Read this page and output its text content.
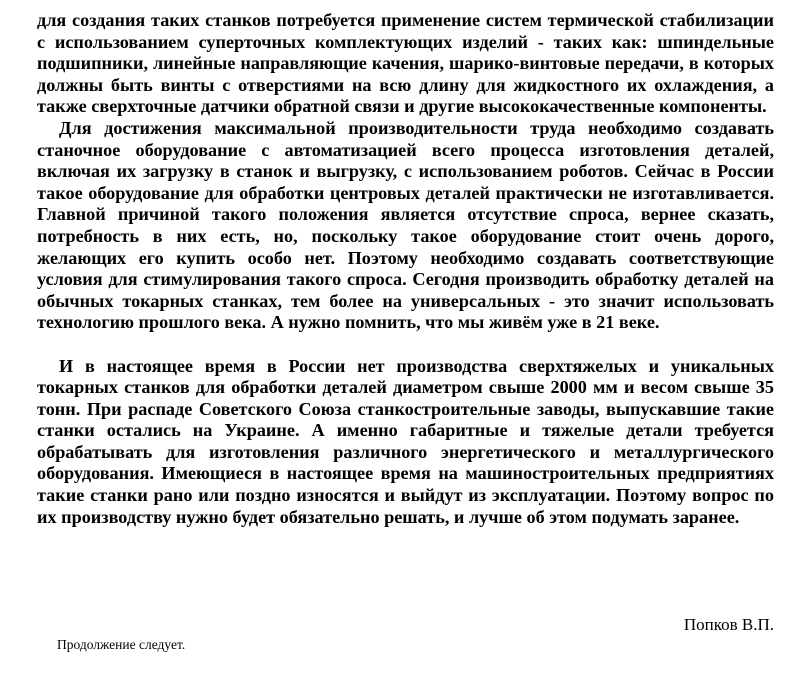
для создания таких станков потребуется применение систем термической стабилизации с использованием суперточных комплектующих изделий - таких как: шпиндельные подшипники, линейные направляющие качения, шарико-винтовые передачи, в которых должны быть винты с отверстиями на всю длину для жидкостного их охлаждения, а также сверхточные датчики обратной связи и другие высококачественные компоненты.

Для достижения максимальной производительности труда необходимо создавать станочное оборудование с автоматизацией всего процесса изготовления деталей, включая их загрузку в станок и выгрузку, с использованием роботов. Сейчас в России такое оборудование для обработки центровых деталей практически не изготавливается. Главной причиной такого положения является отсутствие спроса, вернее сказать, потребность в них есть, но, поскольку такое оборудование стоит очень дорого, желающих его купить особо нет. Поэтому необходимо создавать соответствующие условия для стимулирования такого спроса. Сегодня производить обработку деталей на обычных токарных станках, тем более на универсальных - это значит использовать технологию прошлого века. А нужно помнить, что мы живём уже в 21 веке.

И в настоящее время в России нет производства сверхтяжелых и уникальных токарных станков для обработки деталей диаметром свыше 2000 мм и весом свыше 35 тонн. При распаде Советского Союза станкостроительные заводы, выпускавшие такие станки остались на Украине. А именно габаритные и тяжелые детали требуется обрабатывать для изготовления различного энергетического и металлургического оборудования. Имеющиеся в настоящее время на машиностроительных предприятиях такие станки рано или поздно износятся и выйдут из эксплуатации. Поэтому вопрос по их производству нужно будет обязательно решать, и лучше об этом подумать заранее.

Попков В.П.
Продолжение следует.
